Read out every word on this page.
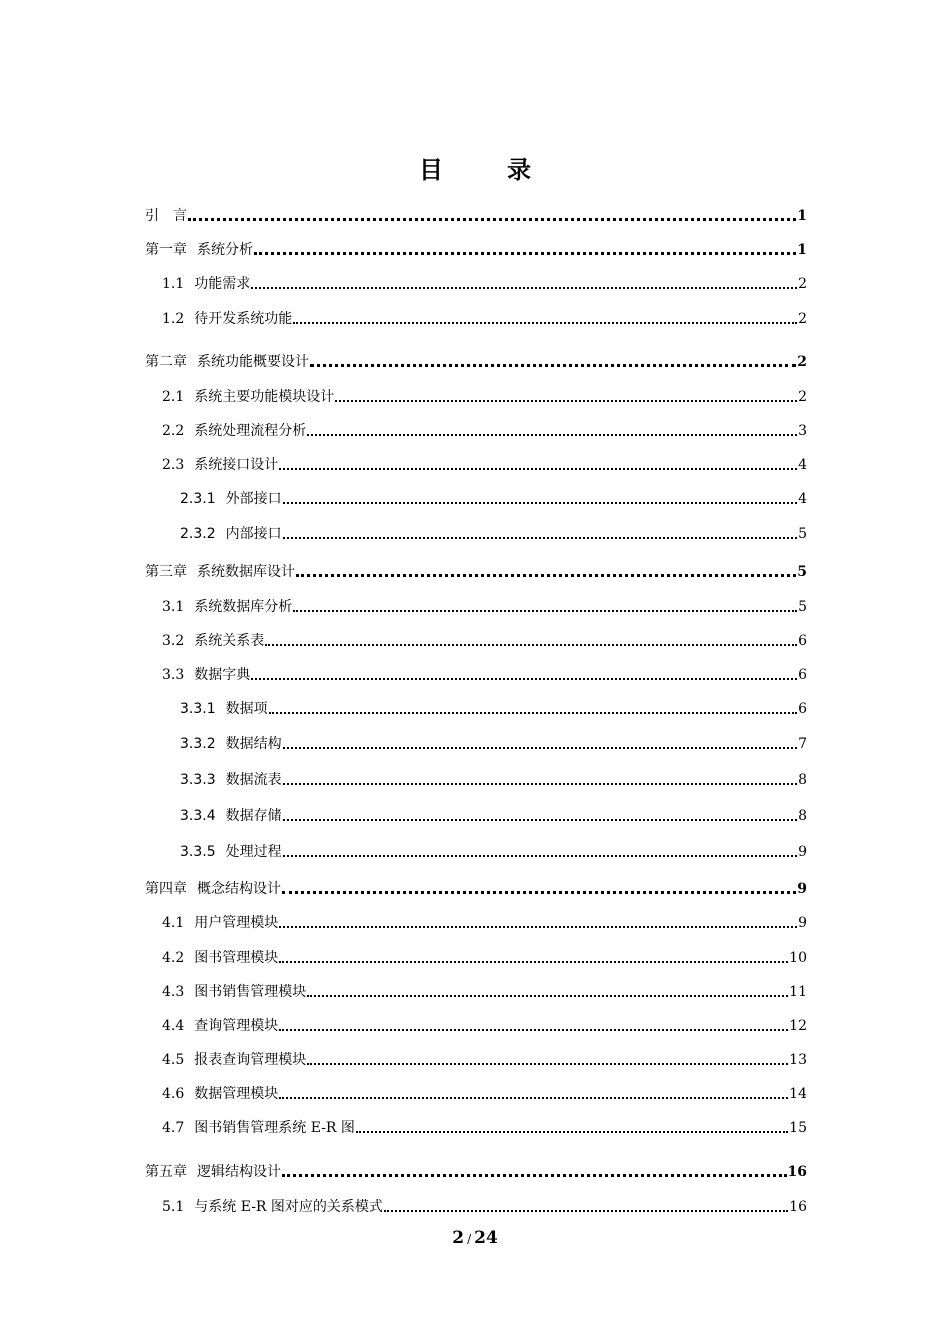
目　录
引　言	1
第一章 系统分析	1
1.1 功能需求	2
1.2 待开发系统功能	2
第二章 系统功能概要设计	2
2.1 系统主要功能模块设计	2
2.2 系统处理流程分析	3
2.3 系统接口设计	4
2.3.1 外部接口	4
2.3.2 内部接口	5
第三章 系统数据库设计	5
3.1 系统数据库分析	5
3.2 系统关系表	6
3.3 数据字典	6
3.3.1 数据项	6
3.3.2 数据结构	7
3.3.3 数据流表	8
3.3.4 数据存储	8
3.3.5 处理过程	9
第四章 概念结构设计	9
4.1 用户管理模块	9
4.2 图书管理模块	10
4.3 图书销售管理模块	11
4.4 查询管理模块	12
4.5 报表查询管理模块	13
4.6 数据管理模块	14
4.7 图书销售管理系统 E-R 图	15
第五章 逻辑结构设计	16
5.1 与系统 E-R 图对应的关系模式	16
2 / 24
